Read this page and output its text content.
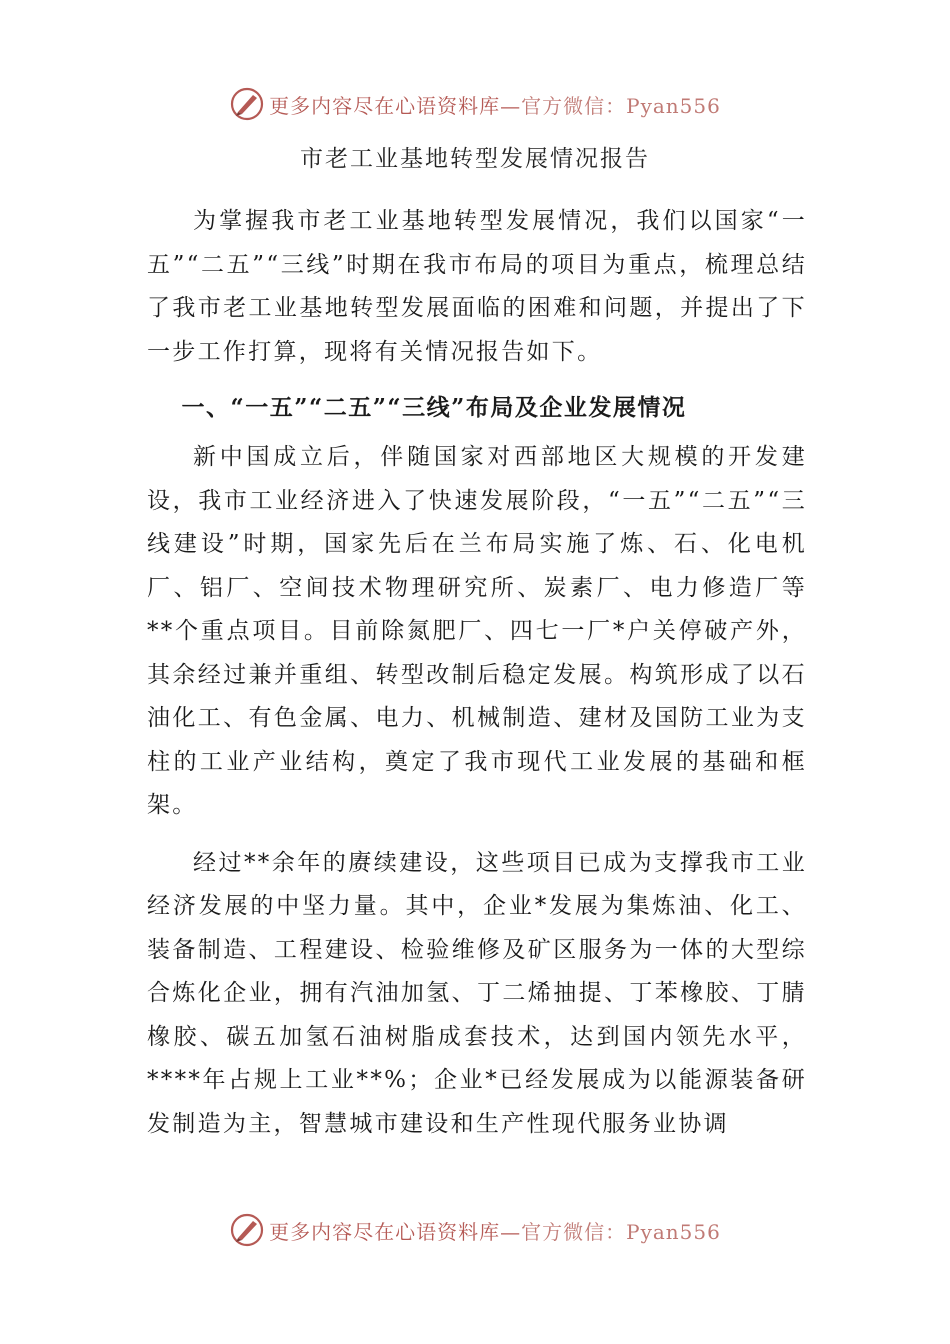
更多内容尽在心语资料库—官方微信：Pyan556
市老工业基地转型发展情况报告

为掌握我市老工业基地转型发展情况，我们以国家“一五”“二五”“三线”时期在我市布局的项目为重点，梳理总结了我市老工业基地转型发展面临的困难和问题，并提出了下一步工作打算，现将有关情况报告如下。

一、“一五”“二五”“三线”布局及企业发展情况

新中国成立后，伴随国家对西部地区大规模的开发建设，我市工业经济进入了快速发展阶段，“一五”“二五”“三线建设”时期，国家先后在兰布局实施了炼、石、化电机厂、铝厂、空间技术物理研究所、炭素厂、电力修造厂等**个重点项目。目前除氮肥厂、四七一厂*户关停破产外，其余经过兼并重组、转型改制后稳定发展。构筑形成了以石油化工、有色金属、电力、机械制造、建材及国防工业为支柱的工业产业结构，奠定了我市现代工业发展的基础和框架。

经过**余年的赓续建设，这些项目已成为支撑我市工业经济发展的中坚力量。其中，企业*发展为集炼油、化工、装备制造、工程建设、检验维修及矿区服务为一体的大型综合炼化企业，拥有汽油加氢、丁二烯抽提、丁苯橡胶、丁腈橡胶、碳五加氢石油树脂成套技术，达到国内领先水平，****年占规上工业**%；企业*已经发展成为以能源装备研发制造为主，智慧城市建设和生产性现代服务业协调

更多内容尽在心语资料库—官方微信：Pyan556
